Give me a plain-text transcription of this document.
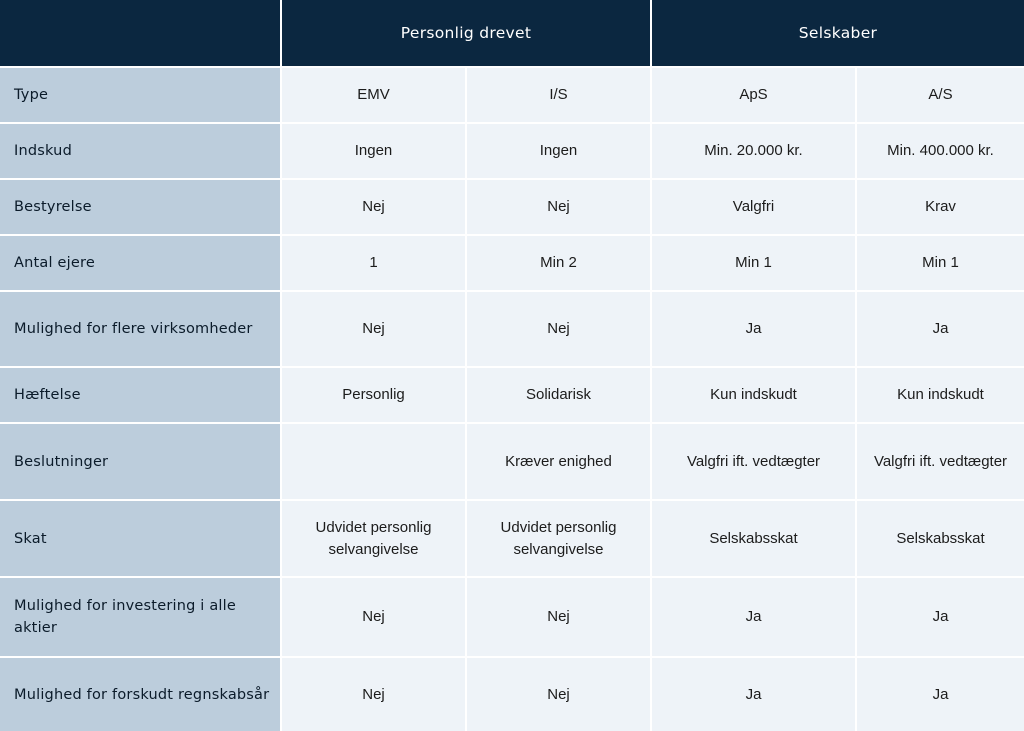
	Personlig drevet		Selskaber	
Type	EMV	I/S	ApS	A/S
Indskud	Ingen	Ingen	Min. 20.000 kr.	Min. 400.000 kr.
Bestyrelse	Nej	Nej	Valgfri	Krav
Antal ejere	1	Min 2	Min 1	Min 1
Mulighed for flere virksomheder	Nej	Nej	Ja	Ja
Hæftelse	Personlig	Solidarisk	Kun indskudt	Kun indskudt
Beslutninger		Kræver enighed	Valgfri ift. vedtægter	Valgfri ift. vedtægter
Skat	Udvidet personlig selvangivelse	Udvidet personlig selvangivelse	Selskabsskat	Selskabsskat
Mulighed for investering i alle aktier	Nej	Nej	Ja	Ja
Mulighed for forskudt regnskabsår	Nej	Nej	Ja	Ja
